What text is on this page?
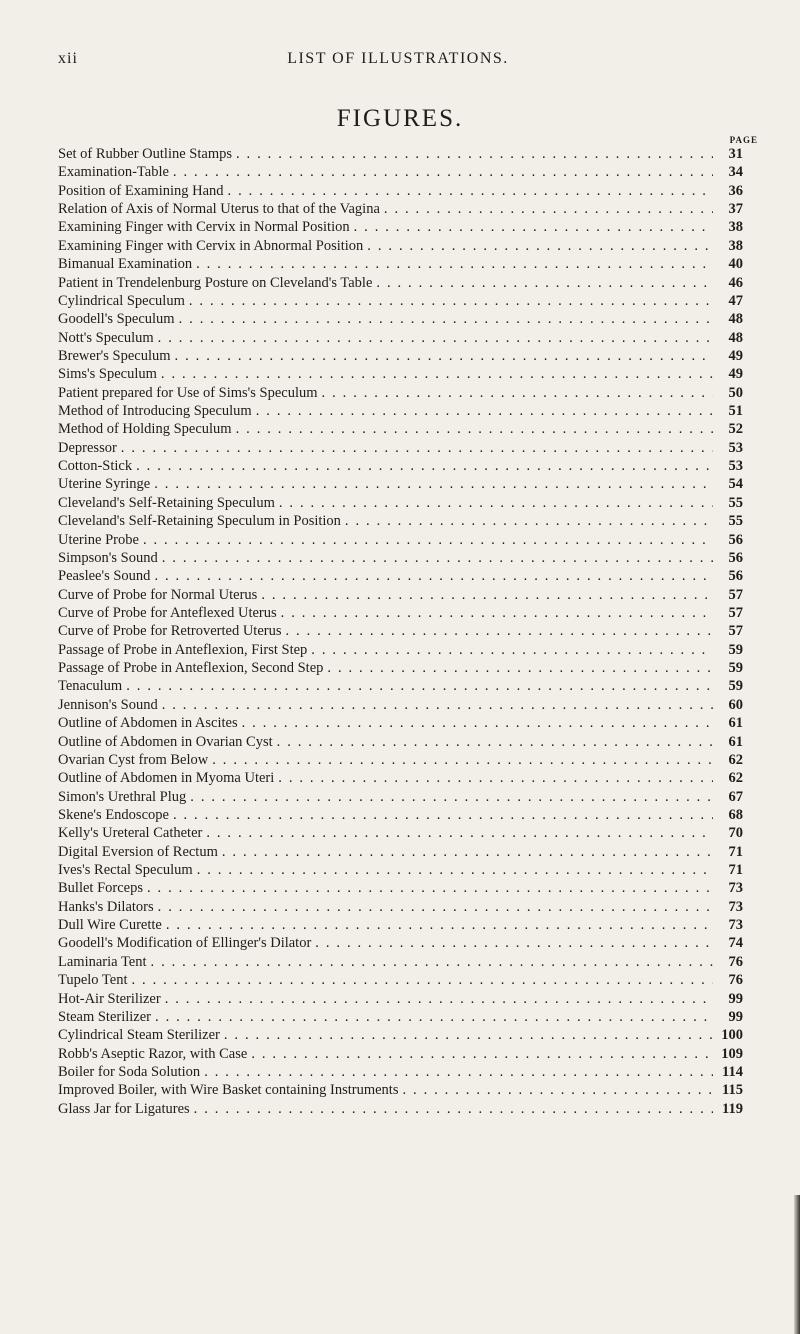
xii	LIST OF ILLUSTRATIONS.
FIGURES.
PAGE
Set of Rubber Outline Stamps . . .	31
Examination-Table . . .	34
Position of Examining Hand . . .	36
Relation of Axis of Normal Uterus to that of the Vagina . . .	37
Examining Finger with Cervix in Normal Position . . .	38
Examining Finger with Cervix in Abnormal Position . . .	38
Bimanual Examination . . .	40
Patient in Trendelenburg Posture on Cleveland's Table . . .	46
Cylindrical Speculum . . .	47
Goodell's Speculum . . .	48
Nott's Speculum . . .	48
Brewer's Speculum . . .	49
Sims's Speculum . . .	49
Patient prepared for Use of Sims's Speculum . . .	50
Method of Introducing Speculum . . .	51
Method of Holding Speculum . . .	52
Depressor . . .	53
Cotton-Stick . . .	53
Uterine Syringe . . .	54
Cleveland's Self-Retaining Speculum . . .	55
Cleveland's Self-Retaining Speculum in Position . . .	55
Uterine Probe . . .	56
Simpson's Sound . . .	56
Peaslee's Sound . . .	56
Curve of Probe for Normal Uterus . . .	57
Curve of Probe for Anteflexed Uterus . . .	57
Curve of Probe for Retroverted Uterus . . .	57
Passage of Probe in Anteflexion, First Step . . .	59
Passage of Probe in Anteflexion, Second Step . . .	59
Tenaculum . . .	59
Jennison's Sound . . .	60
Outline of Abdomen in Ascites . . .	61
Outline of Abdomen in Ovarian Cyst . . .	61
Ovarian Cyst from Below . . .	62
Outline of Abdomen in Myoma Uteri . . .	62
Simon's Urethral Plug . . .	67
Skene's Endoscope . . .	68
Kelly's Ureteral Catheter . . .	70
Digital Eversion of Rectum . . .	71
Ives's Rectal Speculum . . .	71
Bullet Forceps . . .	73
Hanks's Dilators . . .	73
Dull Wire Curette . . .	73
Goodell's Modification of Ellinger's Dilator . . .	74
Laminaria Tent . . .	76
Tupelo Tent . . .	76
Hot-Air Sterilizer . . .	99
Steam Sterilizer . . .	99
Cylindrical Steam Sterilizer . . .	100
Robb's Aseptic Razor, with Case . . .	109
Boiler for Soda Solution . . .	114
Improved Boiler, with Wire Basket containing Instruments . . .	115
Glass Jar for Ligatures . . .	119
